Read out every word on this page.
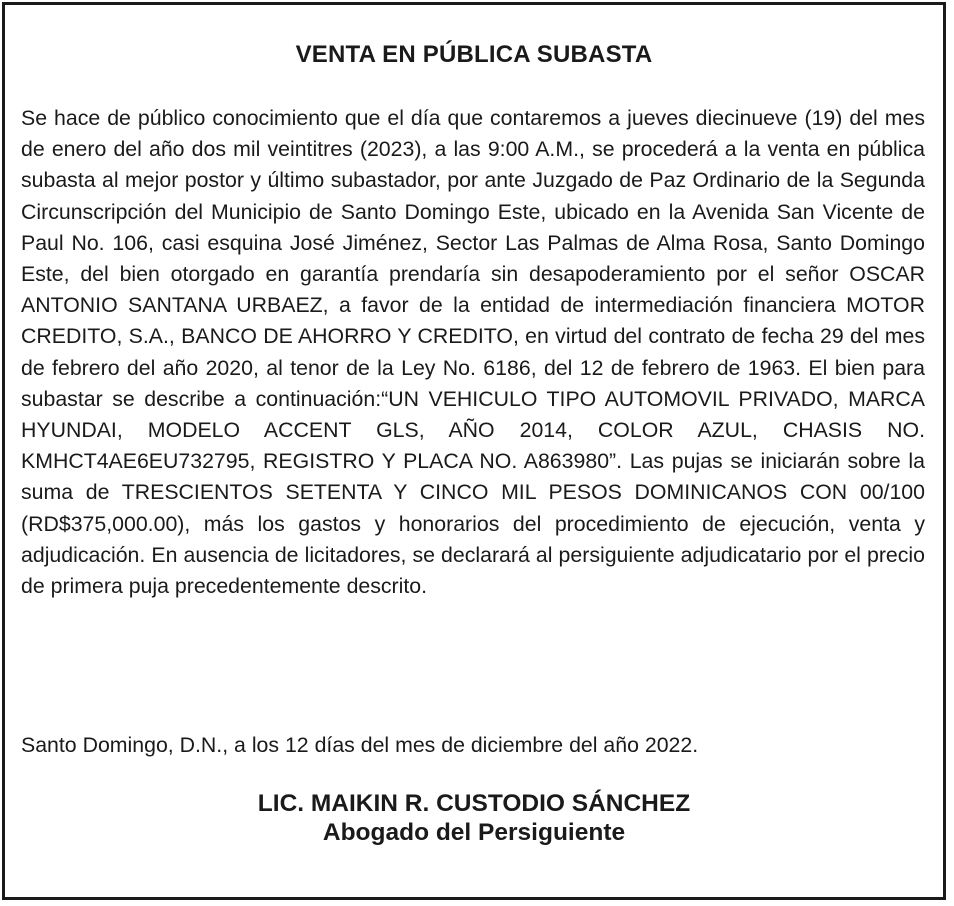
VENTA EN PÚBLICA SUBASTA

Se hace de público conocimiento que el día que contaremos a jueves diecinueve (19) del mes de enero del año dos mil veintitres (2023), a las 9:00 A.M., se procederá a la venta en pública subasta al mejor postor y último subastador, por ante Juzgado de Paz Ordinario de la Segunda Circunscripción del Municipio de Santo Domingo Este, ubicado en la Avenida San Vicente de Paul No. 106, casi esquina José Jiménez, Sector Las Palmas de Alma Rosa, Santo Domingo Este, del bien otorgado en garantía prendaría sin desapoderamiento por el señor OSCAR ANTONIO SANTANA URBAEZ, a favor de la entidad de intermediación financiera MOTOR CREDITO, S.A., BANCO DE AHORRO Y CREDITO, en virtud del contrato de fecha 29 del mes de febrero del año 2020, al tenor de la Ley No. 6186, del 12 de febrero de 1963. El bien para subastar se describe a continuación:“UN VEHICULO TIPO AUTOMOVIL PRIVADO, MARCA HYUNDAI, MODELO ACCENT GLS, AÑO 2014, COLOR AZUL, CHASIS NO. KMHCT4AE6EU732795, REGISTRO Y PLACA NO. A863980”. Las pujas se iniciarán sobre la suma de TRESCIENTOS SETENTA Y CINCO MIL PESOS DOMINICANOS CON 00/100 (RD$375,000.00), más los gastos y honorarios del procedimiento de ejecución, venta y adjudicación. En ausencia de licitadores, se declarará al persiguiente adjudicatario por el precio de primera puja precedentemente descrito.

Santo Domingo, D.N., a los 12 días del mes de diciembre del año 2022.

LIC. MAIKIN R. CUSTODIO SÁNCHEZ
Abogado del Persiguiente
